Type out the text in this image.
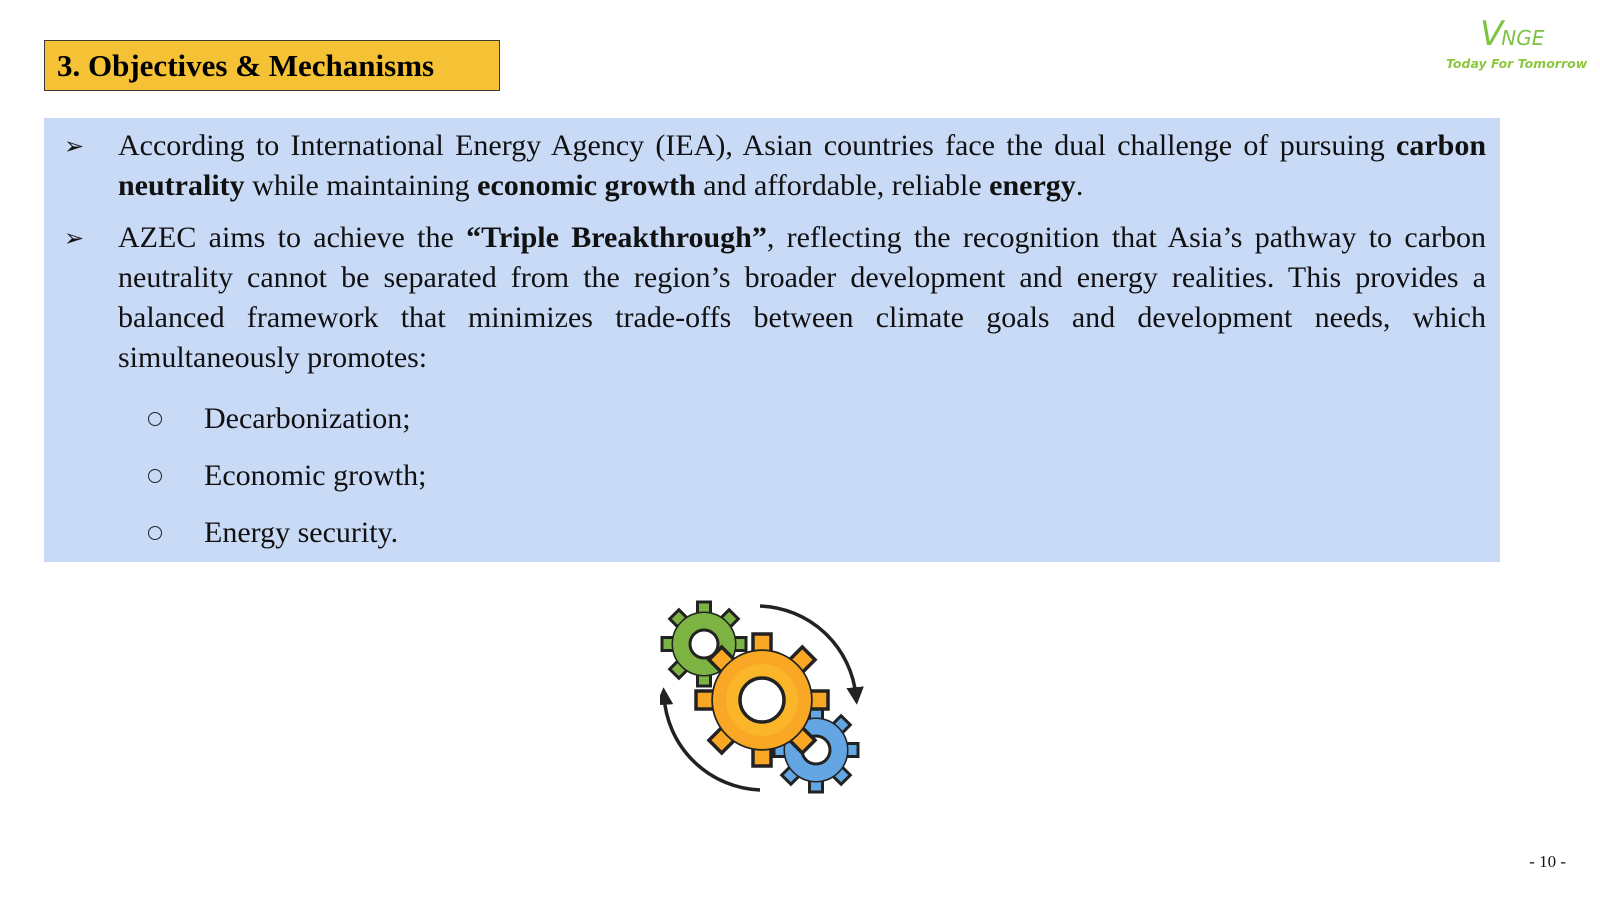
3. Objectives & Mechanisms
VNGE
Today For Tomorrow
➢	According to International Energy Agency (IEA), Asian countries face the dual challenge of pursuing carbon neutrality while maintaining economic growth and affordable, reliable energy.
➢	AZEC aims to achieve the “Triple Breakthrough”, reflecting the recognition that Asia’s pathway to carbon neutrality cannot be separated from the region’s broader development and energy realities. This provides a balanced framework that minimizes trade-offs between climate goals and development needs, which simultaneously promotes:
Decarbonization;
Economic growth;
Energy security.
- 10 -
